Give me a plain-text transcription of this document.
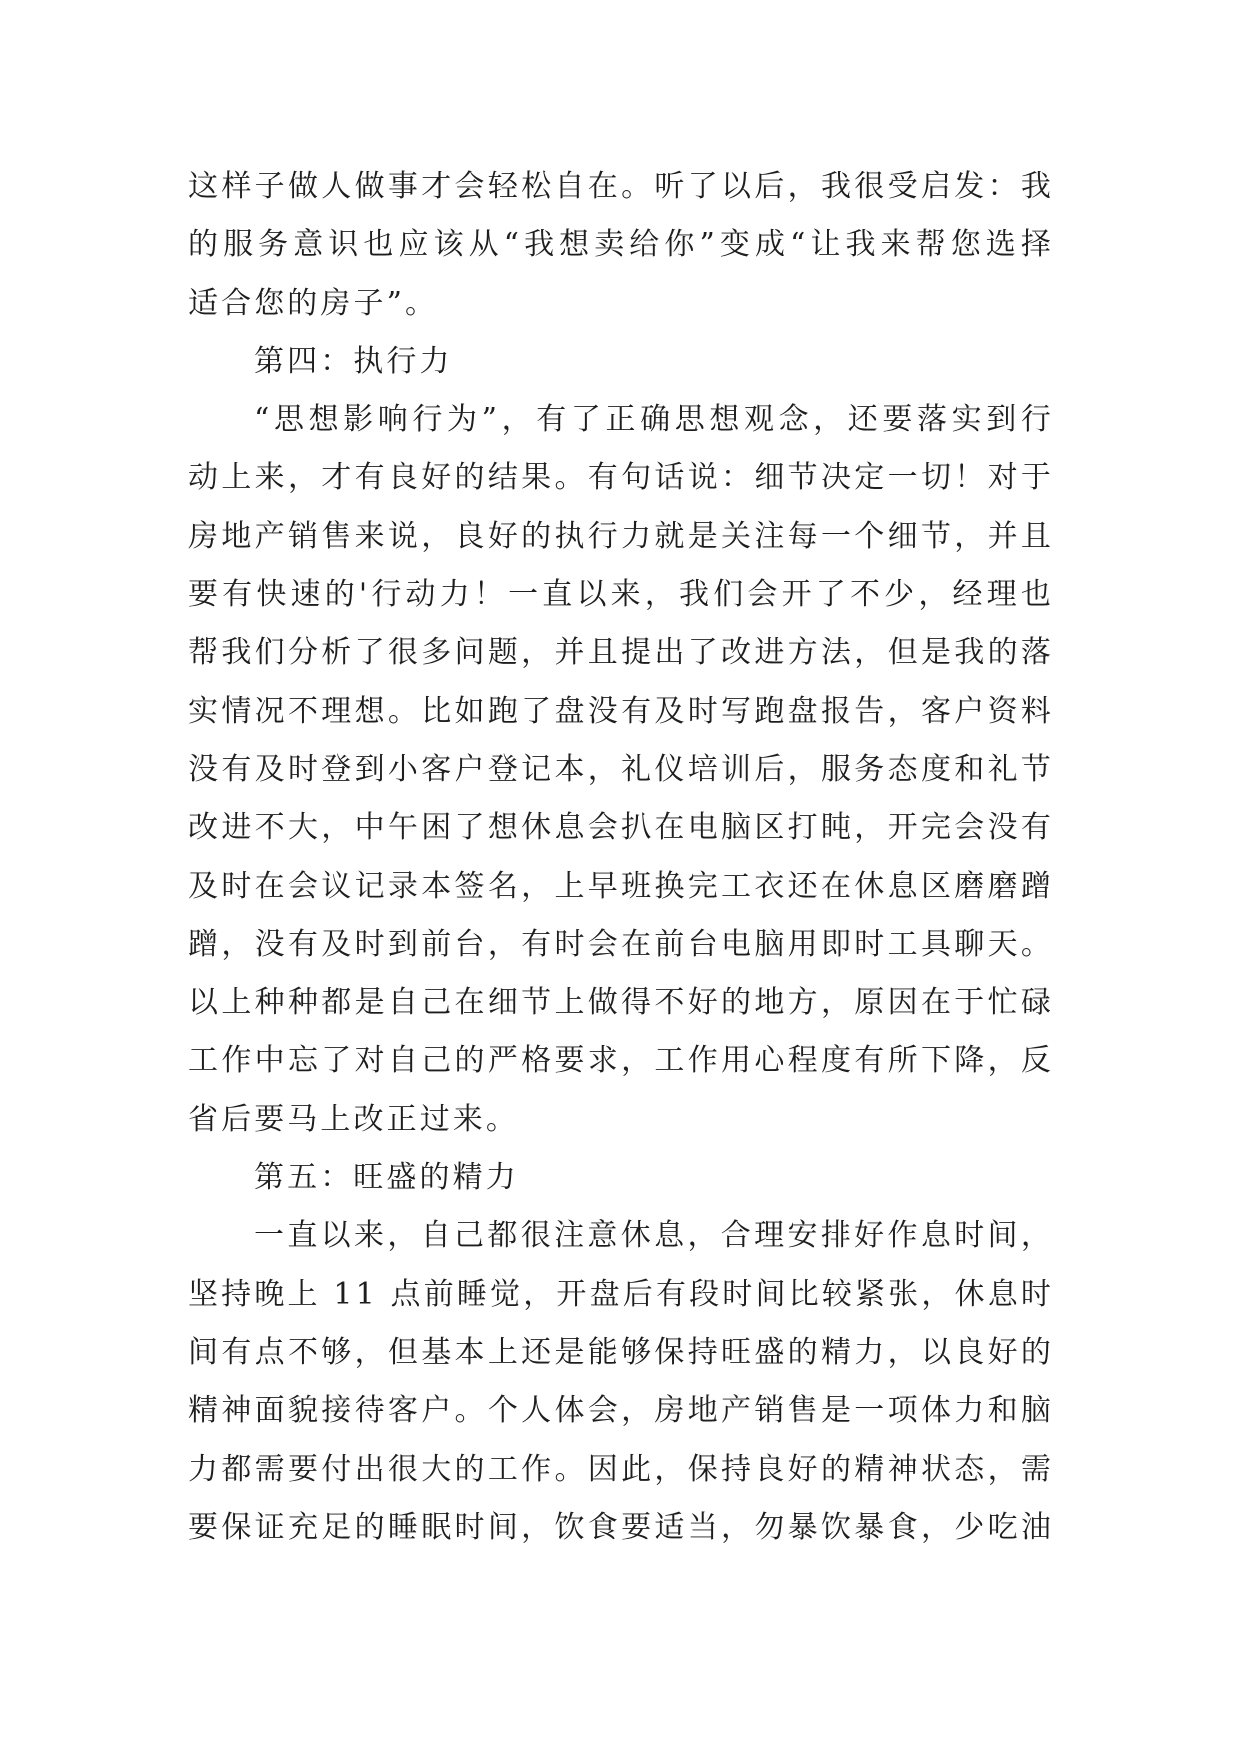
这样子做人做事才会轻松自在。听了以后，我很受启发：我
的服务意识也应该从“我想卖给你”变成“让我来帮您选择
适合您的房子”。
第四：执行力
“思想影响行为”，有了正确思想观念，还要落实到行
动上来，才有良好的结果。有句话说：细节决定一切！对于
房地产销售来说，良好的执行力就是关注每一个细节，并且
要有快速的'行动力！一直以来，我们会开了不少，经理也
帮我们分析了很多问题，并且提出了改进方法，但是我的落
实情况不理想。比如跑了盘没有及时写跑盘报告，客户资料
没有及时登到小客户登记本，礼仪培训后，服务态度和礼节
改进不大，中午困了想休息会扒在电脑区打盹，开完会没有
及时在会议记录本签名，上早班换完工衣还在休息区磨磨蹭
蹭，没有及时到前台，有时会在前台电脑用即时工具聊天。
以上种种都是自己在细节上做得不好的地方，原因在于忙碌
工作中忘了对自己的严格要求，工作用心程度有所下降，反
省后要马上改正过来。
第五：旺盛的精力
一直以来，自己都很注意休息，合理安排好作息时间，
坚持晚上 11 点前睡觉，开盘后有段时间比较紧张，休息时
间有点不够，但基本上还是能够保持旺盛的精力，以良好的
精神面貌接待客户。个人体会，房地产销售是一项体力和脑
力都需要付出很大的工作。因此，保持良好的精神状态，需
要保证充足的睡眠时间，饮食要适当，勿暴饮暴食，少吃油
